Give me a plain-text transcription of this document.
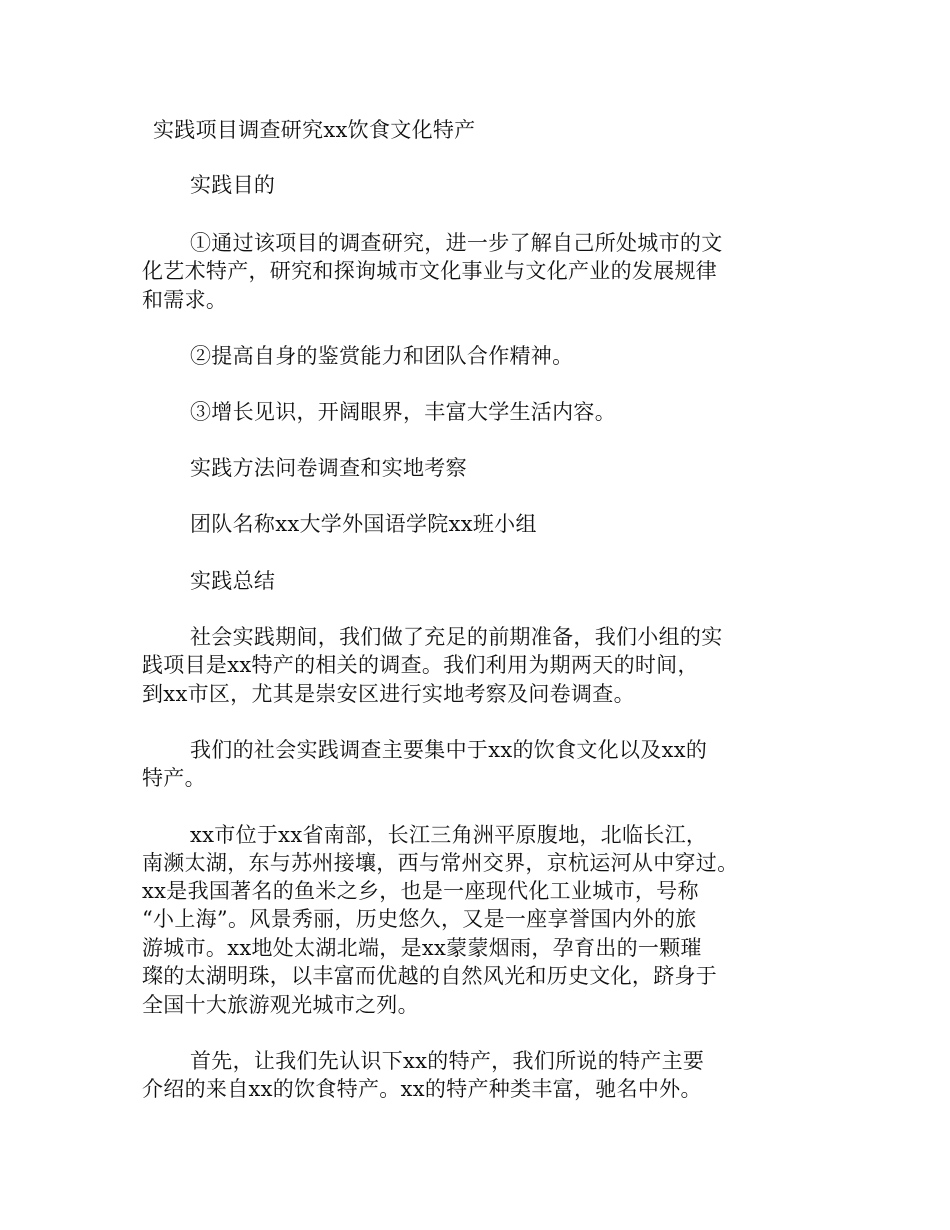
实践项目调查研究xx饮食文化特产
实践目的
①通过该项目的调查研究，进一步了解自己所处城市的文
化艺术特产，研究和探询城市文化事业与文化产业的发展规律
和需求。
②提高自身的鉴赏能力和团队合作精神。
③增长见识，开阔眼界，丰富大学生活内容。
实践方法问卷调查和实地考察
团队名称xx大学外国语学院xx班小组
实践总结
社会实践期间，我们做了充足的前期准备，我们小组的实
践项目是xx特产的相关的调查。我们利用为期两天的时间，
到xx市区，尤其是崇安区进行实地考察及问卷调查。
我们的社会实践调查主要集中于xx的饮食文化以及xx的
特产。
xx市位于xx省南部，长江三角洲平原腹地，北临长江，
南濒太湖，东与苏州接壤，西与常州交界，京杭运河从中穿过。
xx是我国著名的鱼米之乡，也是一座现代化工业城市，号称
“小上海”。风景秀丽，历史悠久，又是一座享誉国内外的旅
游城市。xx地处太湖北端，是xx蒙蒙烟雨，孕育出的一颗璀
璨的太湖明珠，以丰富而优越的自然风光和历史文化，跻身于
全国十大旅游观光城市之列。
首先，让我们先认识下xx的特产，我们所说的特产主要
介绍的来自xx的饮食特产。xx的特产种类丰富，驰名中外。
